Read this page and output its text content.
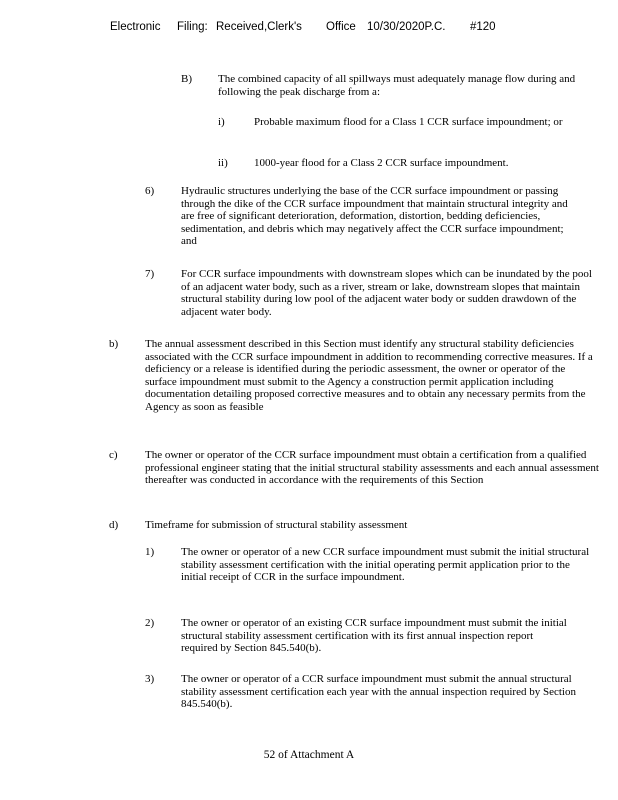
Electronic Filing: Received,Clerk's Office 10/30/2020P.C. #120
B) The combined capacity of all spillways must adequately manage flow during and following the peak discharge from a:
i)	Probable maximum flood for a Class 1 CCR surface impoundment; or
ii) 1000-year flood for a Class 2 CCR surface impoundment.
6) Hydraulic structures underlying the base of the CCR surface impoundment or passing through the dike of the CCR surface impoundment that maintain structural integrity and are free of significant deterioration, deformation, distortion, bedding deficiencies, sedimentation, and debris which may negatively affect the CCR surface impoundment; and
7) For CCR surface impoundments with downstream slopes which can be inundated by the pool of an adjacent water body, such as a river, stream or lake, downstream slopes that maintain structural stability during low pool of the adjacent water body or sudden drawdown of the adjacent water body.
b) The annual assessment described in this Section must identify any structural stability deficiencies associated with the CCR surface impoundment in addition to recommending corrective measures. If a deficiency or a release is identified during the periodic assessment, the owner or operator of the surface impoundment must submit to the Agency a construction permit application including documentation detailing proposed corrective measures and to obtain any necessary permits from the Agency as soon as feasible
c) The owner or operator of the CCR surface impoundment must obtain a certification from a qualified professional engineer stating that the initial structural stability assessments and each annual assessment thereafter was conducted in accordance with the requirements of this Section
d) Timeframe for submission of structural stability assessment
1) The owner or operator of a new CCR surface impoundment must submit the initial structural stability assessment certification with the initial operating permit application prior to the initial receipt of CCR in the surface impoundment.
2) The owner or operator of an existing CCR surface impoundment must submit the initial structural stability assessment certification with its first annual inspection report required by Section 845.540(b).
3) The owner or operator of a CCR surface impoundment must submit the annual structural stability assessment certification each year with the annual inspection required by Section 845.540(b).
52 of Attachment A
